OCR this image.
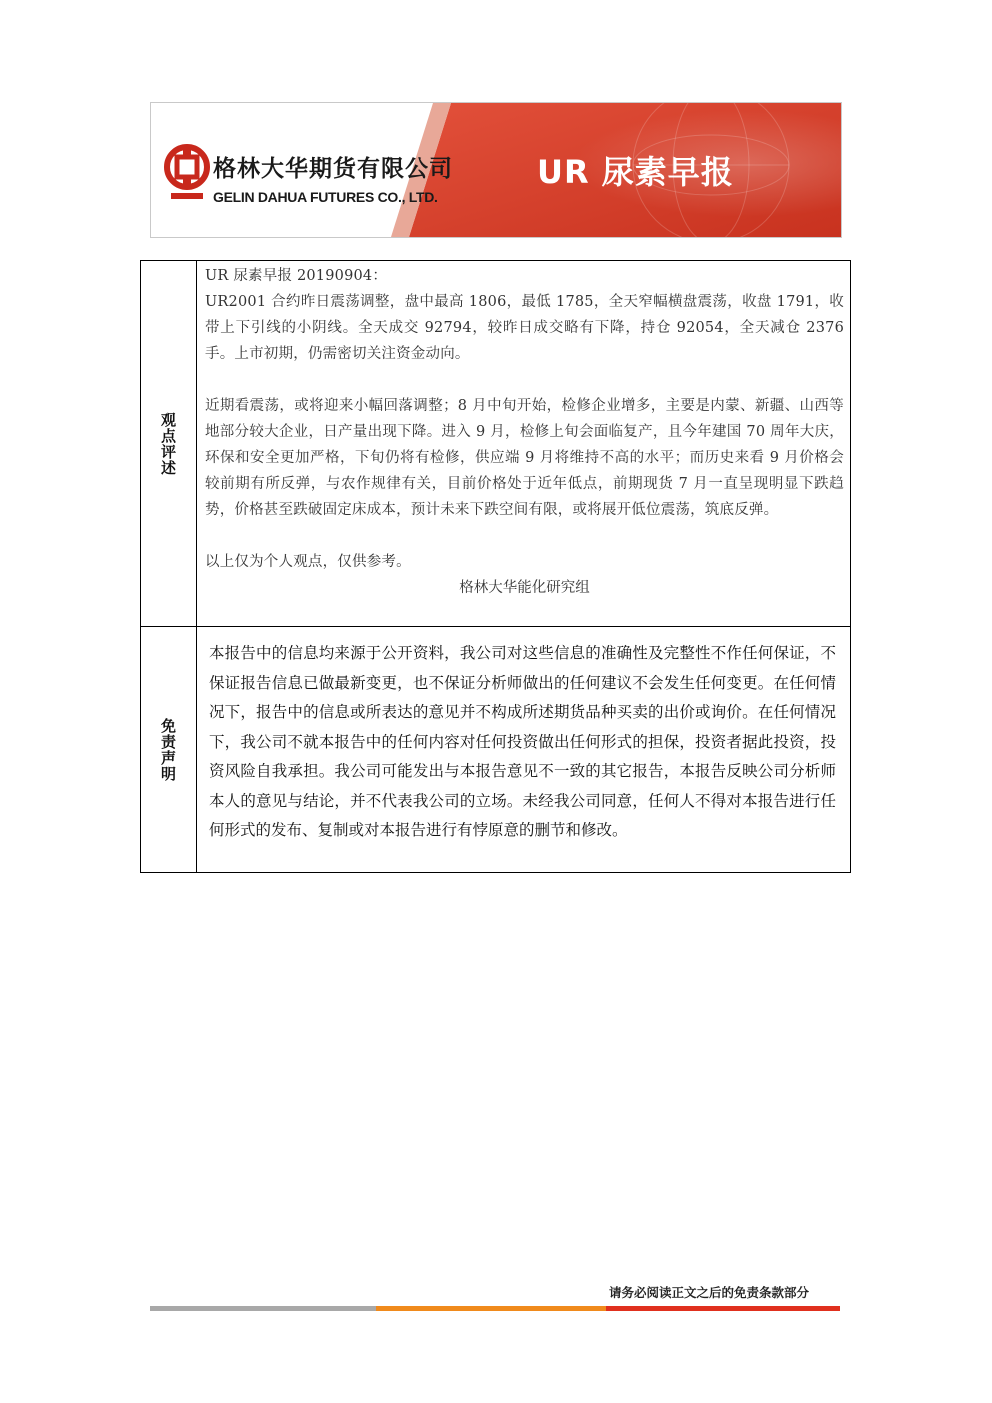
格林大华期货有限公司
GELIN DAHUA FUTURES CO., LTD.
UR 尿素早报
观点评述

UR 尿素早报 20190904：

UR2001 合约昨日震荡调整，盘中最高 1806，最低 1785，全天窄幅横盘震荡，收盘 1791，收带上下引线的小阴线。全天成交 92794，较昨日成交略有下降，持仓 92054，全天减仓 2376 手。上市初期，仍需密切关注资金动向。

近期看震荡，或将迎来小幅回落调整；8 月中旬开始，检修企业增多，主要是内蒙、新疆、山西等地部分较大企业，日产量出现下降。进入 9 月，检修上旬会面临复产，且今年建国 70 周年大庆，环保和安全更加严格，下旬仍将有检修，供应端 9 月将维持不高的水平；而历史来看 9 月价格会较前期有所反弹，与农作规律有关，目前价格处于近年低点，前期现货 7 月一直呈现明显下跌趋势，价格甚至跌破固定床成本，预计未来下跌空间有限，或将展开低位震荡，筑底反弹。

以上仅为个人观点，仅供参考。

格林大华能化研究组

免责声明

本报告中的信息均来源于公开资料，我公司对这些信息的准确性及完整性不作任何保证，不保证报告信息已做最新变更，也不保证分析师做出的任何建议不会发生任何变更。在任何情况下，报告中的信息或所表达的意见并不构成所述期货品种买卖的出价或询价。在任何情况下，我公司不就本报告中的任何内容对任何投资做出任何形式的担保，投资者据此投资，投资风险自我承担。我公司可能发出与本报告意见不一致的其它报告，本报告反映公司分析师本人的意见与结论，并不代表我公司的立场。未经我公司同意，任何人不得对本报告进行任何形式的发布、复制或对本报告进行有悖原意的删节和修改。

请务必阅读正文之后的免责条款部分
